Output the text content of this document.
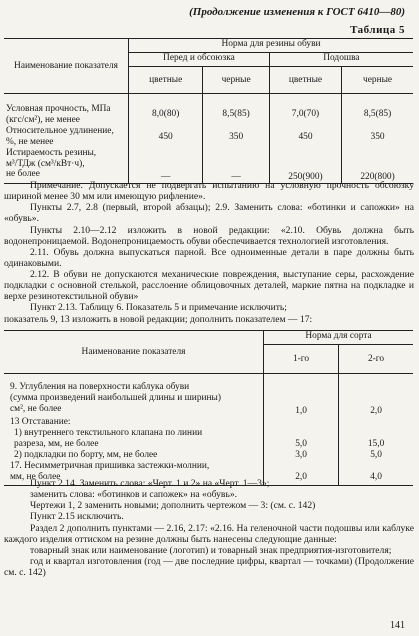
(Продолжение изменения к ГОСТ 6410—80)
Таблица 5
Наименование показателя	Норма для резины обуви			
	Перед и обсоюзка		Подошва	
	цветные	черные	цветные	черные

Условная прочность, МПа
(кгс/см²), не менее	8,0(80)	8,5(85)	7,0(70)	8,5(85)

Относительное удлинение,
%, не менее	450	350	450	350

Истираемость резины,
м³/ТДж (см³/кВт·ч),
не более	—	—	250(900)	220(800)

Примечание. Допускается не подвергать испытанию на условную прочность обсоюзку шириной менее 30 мм или имеющую рифление».

Пункты 2.7, 2.8 (первый, второй абзацы); 2.9. Заменить слова: «ботинки и сапожки» на «обувь».

Пункты 2.10—2.12 изложить в новой редакции: «2.10. Обувь должна быть водонепроницаемой. Водонепроницаемость обуви обеспечивается технологией изготовления.

2.11. Обувь должна выпускаться парной. Все одноименные детали в паре должны быть одинаковыми.

2.12. В обуви не допускаются механические повреждения, выступание серы, расхождение подкладки с основной стелькой, расслоение облицовочных деталей, маркие пятна на подкладке и верхе резинотекстильной обуви»

Пункт 2.13. Таблицу 6. Показатель 5 и примечание исключить;

показатель 9, 13 изложить в новой редакции; дополнить показателем — 17:

Наименование показателя	Норма для сорта	
	1-го	2-го

9. Углубления на поверхности каблука обуви
(сумма произведений наибольшей длины и ширины)
см², не более	1,0	2,0
13 Отставание:		

1) внутреннего текстильного клапана по линии
разреза, мм, не более	5,0	15,0
2) подкладки по борту, мм, не более	3,0	5,0

17. Несимметричная пришивка застежки-молнии,
мм, не более	2,0	4,0

Пункт 2.14. Заменить слова: «Черт. 1 и 2» на «Черт. 1—3»;

заменить слова: «ботинков и сапожек» на «обувь».

Чертежи 1, 2 заменить новыми; дополнить чертежом — 3: (см. с. 142)

Пункт 2.15 исключить.

Раздел 2 дополнить пунктами — 2.16, 2.17: «2.16. На геленочной части подошвы или каблуке каждого изделия оттиском на резине должны быть нанесены следующие данные:

товарный знак или наименование (логотип) и товарный знак предприятия-изготовителя;

год и квартал изготовления (год — две последние цифры, квартал — точками) (Продолжение см. с. 142)

141
